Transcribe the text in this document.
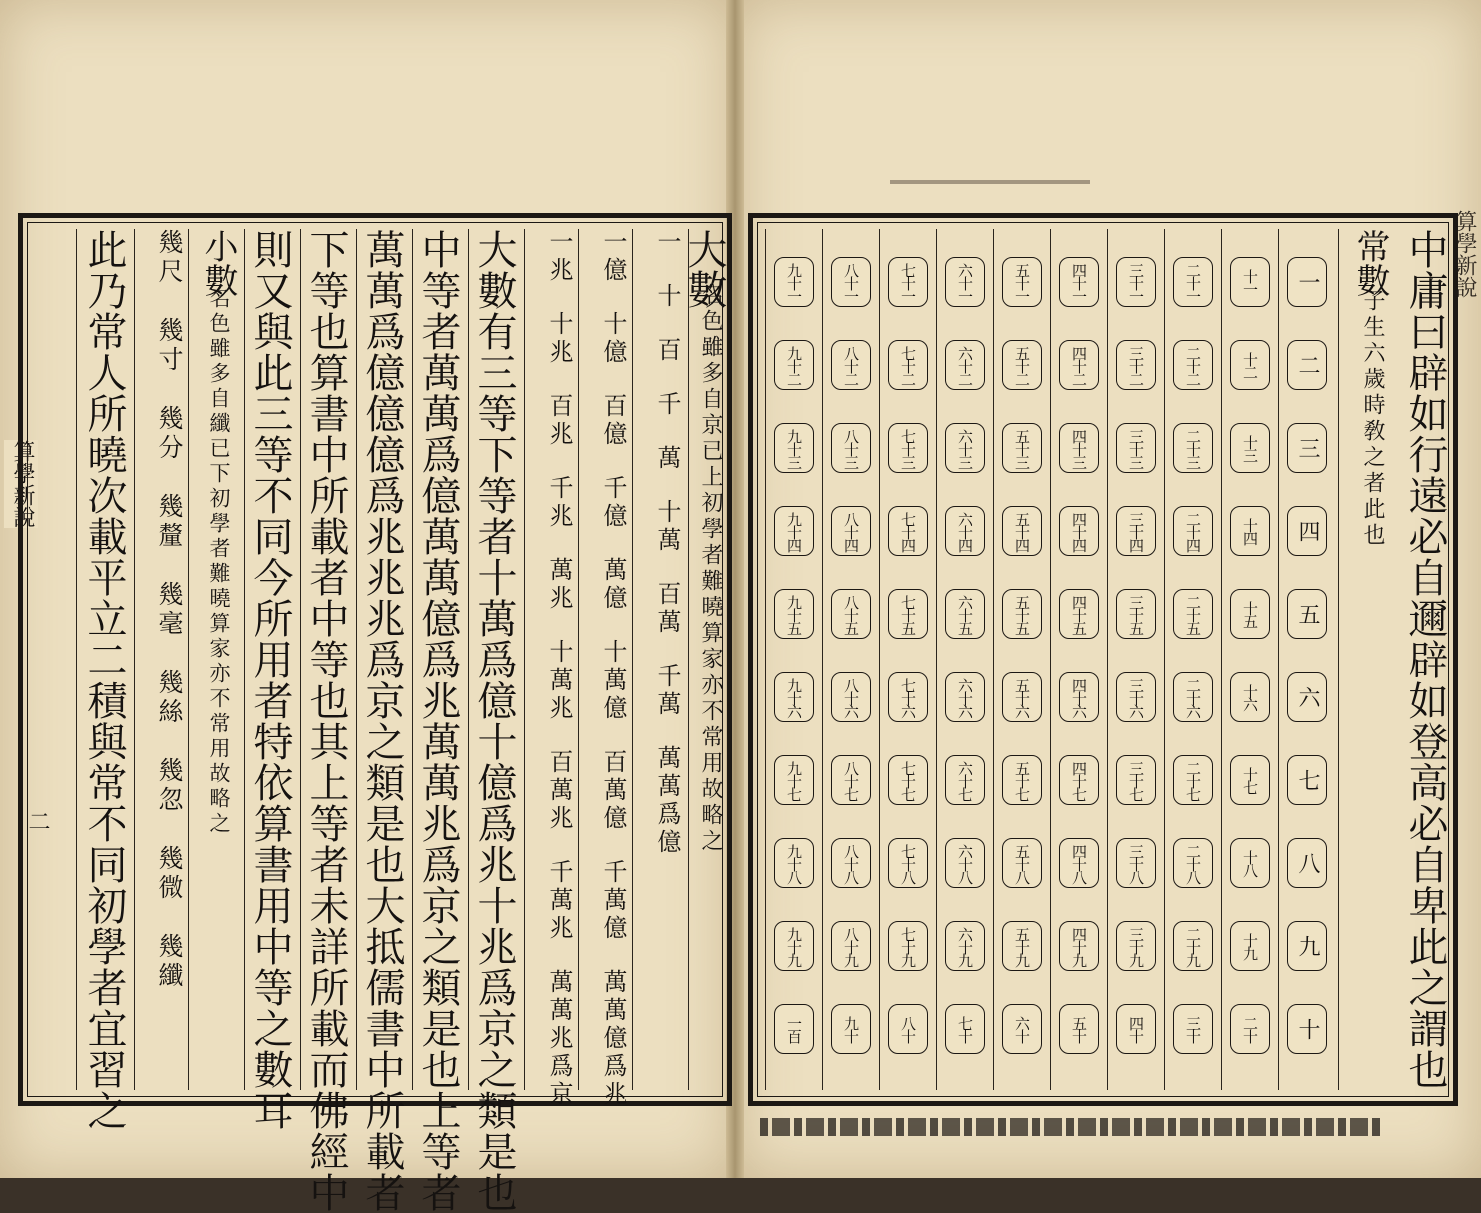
算學新說
二
算學新說
大數
名色雖多自京已上初學者難曉算家亦不常用故略之
一十百千萬十萬百萬千萬萬萬爲億
一億十億百億千億萬億十萬億百萬億千萬億萬萬億爲兆
一兆十兆百兆千兆萬兆十萬兆百萬兆千萬兆萬萬兆爲京
大數有三等下等者十萬爲億十億爲兆十兆爲京之類是也
中等者萬萬爲億萬萬億爲兆萬萬兆爲京之類是也上等者
萬萬爲億億億爲兆兆兆爲京之類是也大抵儒書中所載者
下等也算書中所載者中等也其上等者未詳所載而佛經中
則又與此三等不同今所用者特依算書用中等之數耳
小數
名色雖多自纖已下初學者難曉算家亦不常用故略之
幾尺幾寸幾分幾釐幾毫幾絲幾忽幾微幾纖
此乃常人所曉次載平立二積與常不同初學者宜習之	中庸曰辟如行遠必自邇辟如登高必自卑此之謂也
常數
子生六歲時敎之者此也
一
二
三
四
五
六
七
八
九
十
十一
十二
十三
十四
十五
十六
十七
十八
十九
二十
二十一
二十二
二十三
二十四
二十五
二十六
二十七
二十八
二十九
三十
三十一
三十二
三十三
三十四
三十五
三十六
三十七
三十八
三十九
四十
四十一
四十二
四十三
四十四
四十五
四十六
四十七
四十八
四十九
五十
五十一
五十二
五十三
五十四
五十五
五十六
五十七
五十八
五十九
六十
六十一
六十二
六十三
六十四
六十五
六十六
六十七
六十八
六十九
七十
七十一
七十二
七十三
七十四
七十五
七十六
七十七
七十八
七十九
八十
八十一
八十二
八十三
八十四
八十五
八十六
八十七
八十八
八十九
九十
九十一
九十二
九十三
九十四
九十五
九十六
九十七
九十八
九十九
一百
